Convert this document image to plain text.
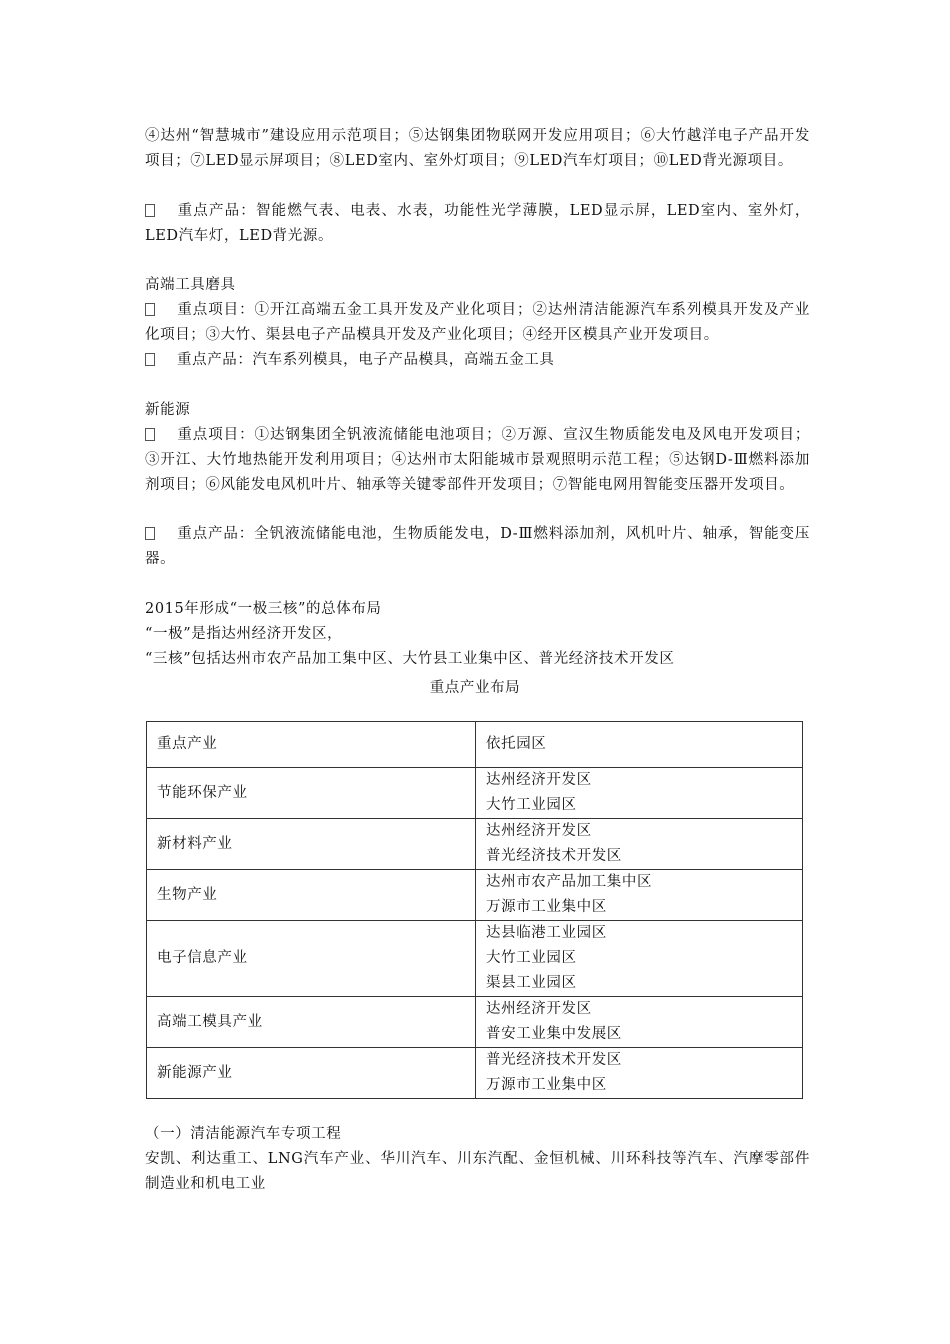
④达州“智慧城市”建设应用示范项目；⑤达钢集团物联网开发应用项目；⑥大竹越洋电子产品开发项目；⑦LED显示屏项目；⑧LED室内、室外灯项目；⑨LED汽车灯项目；⑩LED背光源项目。
重点产品：智能燃气表、电表、水表，功能性光学薄膜，LED显示屏，LED室内、室外灯，LED汽车灯，LED背光源。
高端工具磨具
重点项目：①开江高端五金工具开发及产业化项目；②达州清洁能源汽车系列模具开发及产业化项目；③大竹、渠县电子产品模具开发及产业化项目；④经开区模具产业开发项目。
重点产品：汽车系列模具，电子产品模具，高端五金工具
新能源
重点项目：①达钢集团全钒液流储能电池项目；②万源、宣汉生物质能发电及风电开发项目；③开江、大竹地热能开发利用项目；④达州市太阳能城市景观照明示范工程；⑤达钢D-Ⅲ燃料添加剂项目；⑥风能发电风机叶片、轴承等关键零部件开发项目；⑦智能电网用智能变压器开发项目。
重点产品：全钒液流储能电池，生物质能发电，D-Ⅲ燃料添加剂，风机叶片、轴承，智能变压器。
2015年形成“一极三核”的总体布局
“一极”是指达州经济开发区，
“三核”包括达州市农产品加工集中区、大竹县工业集中区、普光经济技术开发区
重点产业布局
重点产业	依托园区
节能环保产业	达州经济开发区
大竹工业园区

新材料产业	达州经济开发区
普光经济技术开发区

生物产业	达州市农产品加工集中区
万源市工业集中区

电子信息产业	达县临港工业园区
大竹工业园区
渠县工业园区

高端工模具产业	达州经济开发区
普安工业集中发展区

新能源产业	普光经济技术开发区
万源市工业集中区
（一）清洁能源汽车专项工程
安凯、利达重工、LNG汽车产业、华川汽车、川东汽配、金恒机械、川环科技等汽车、汽摩零部件制造业和机电工业
